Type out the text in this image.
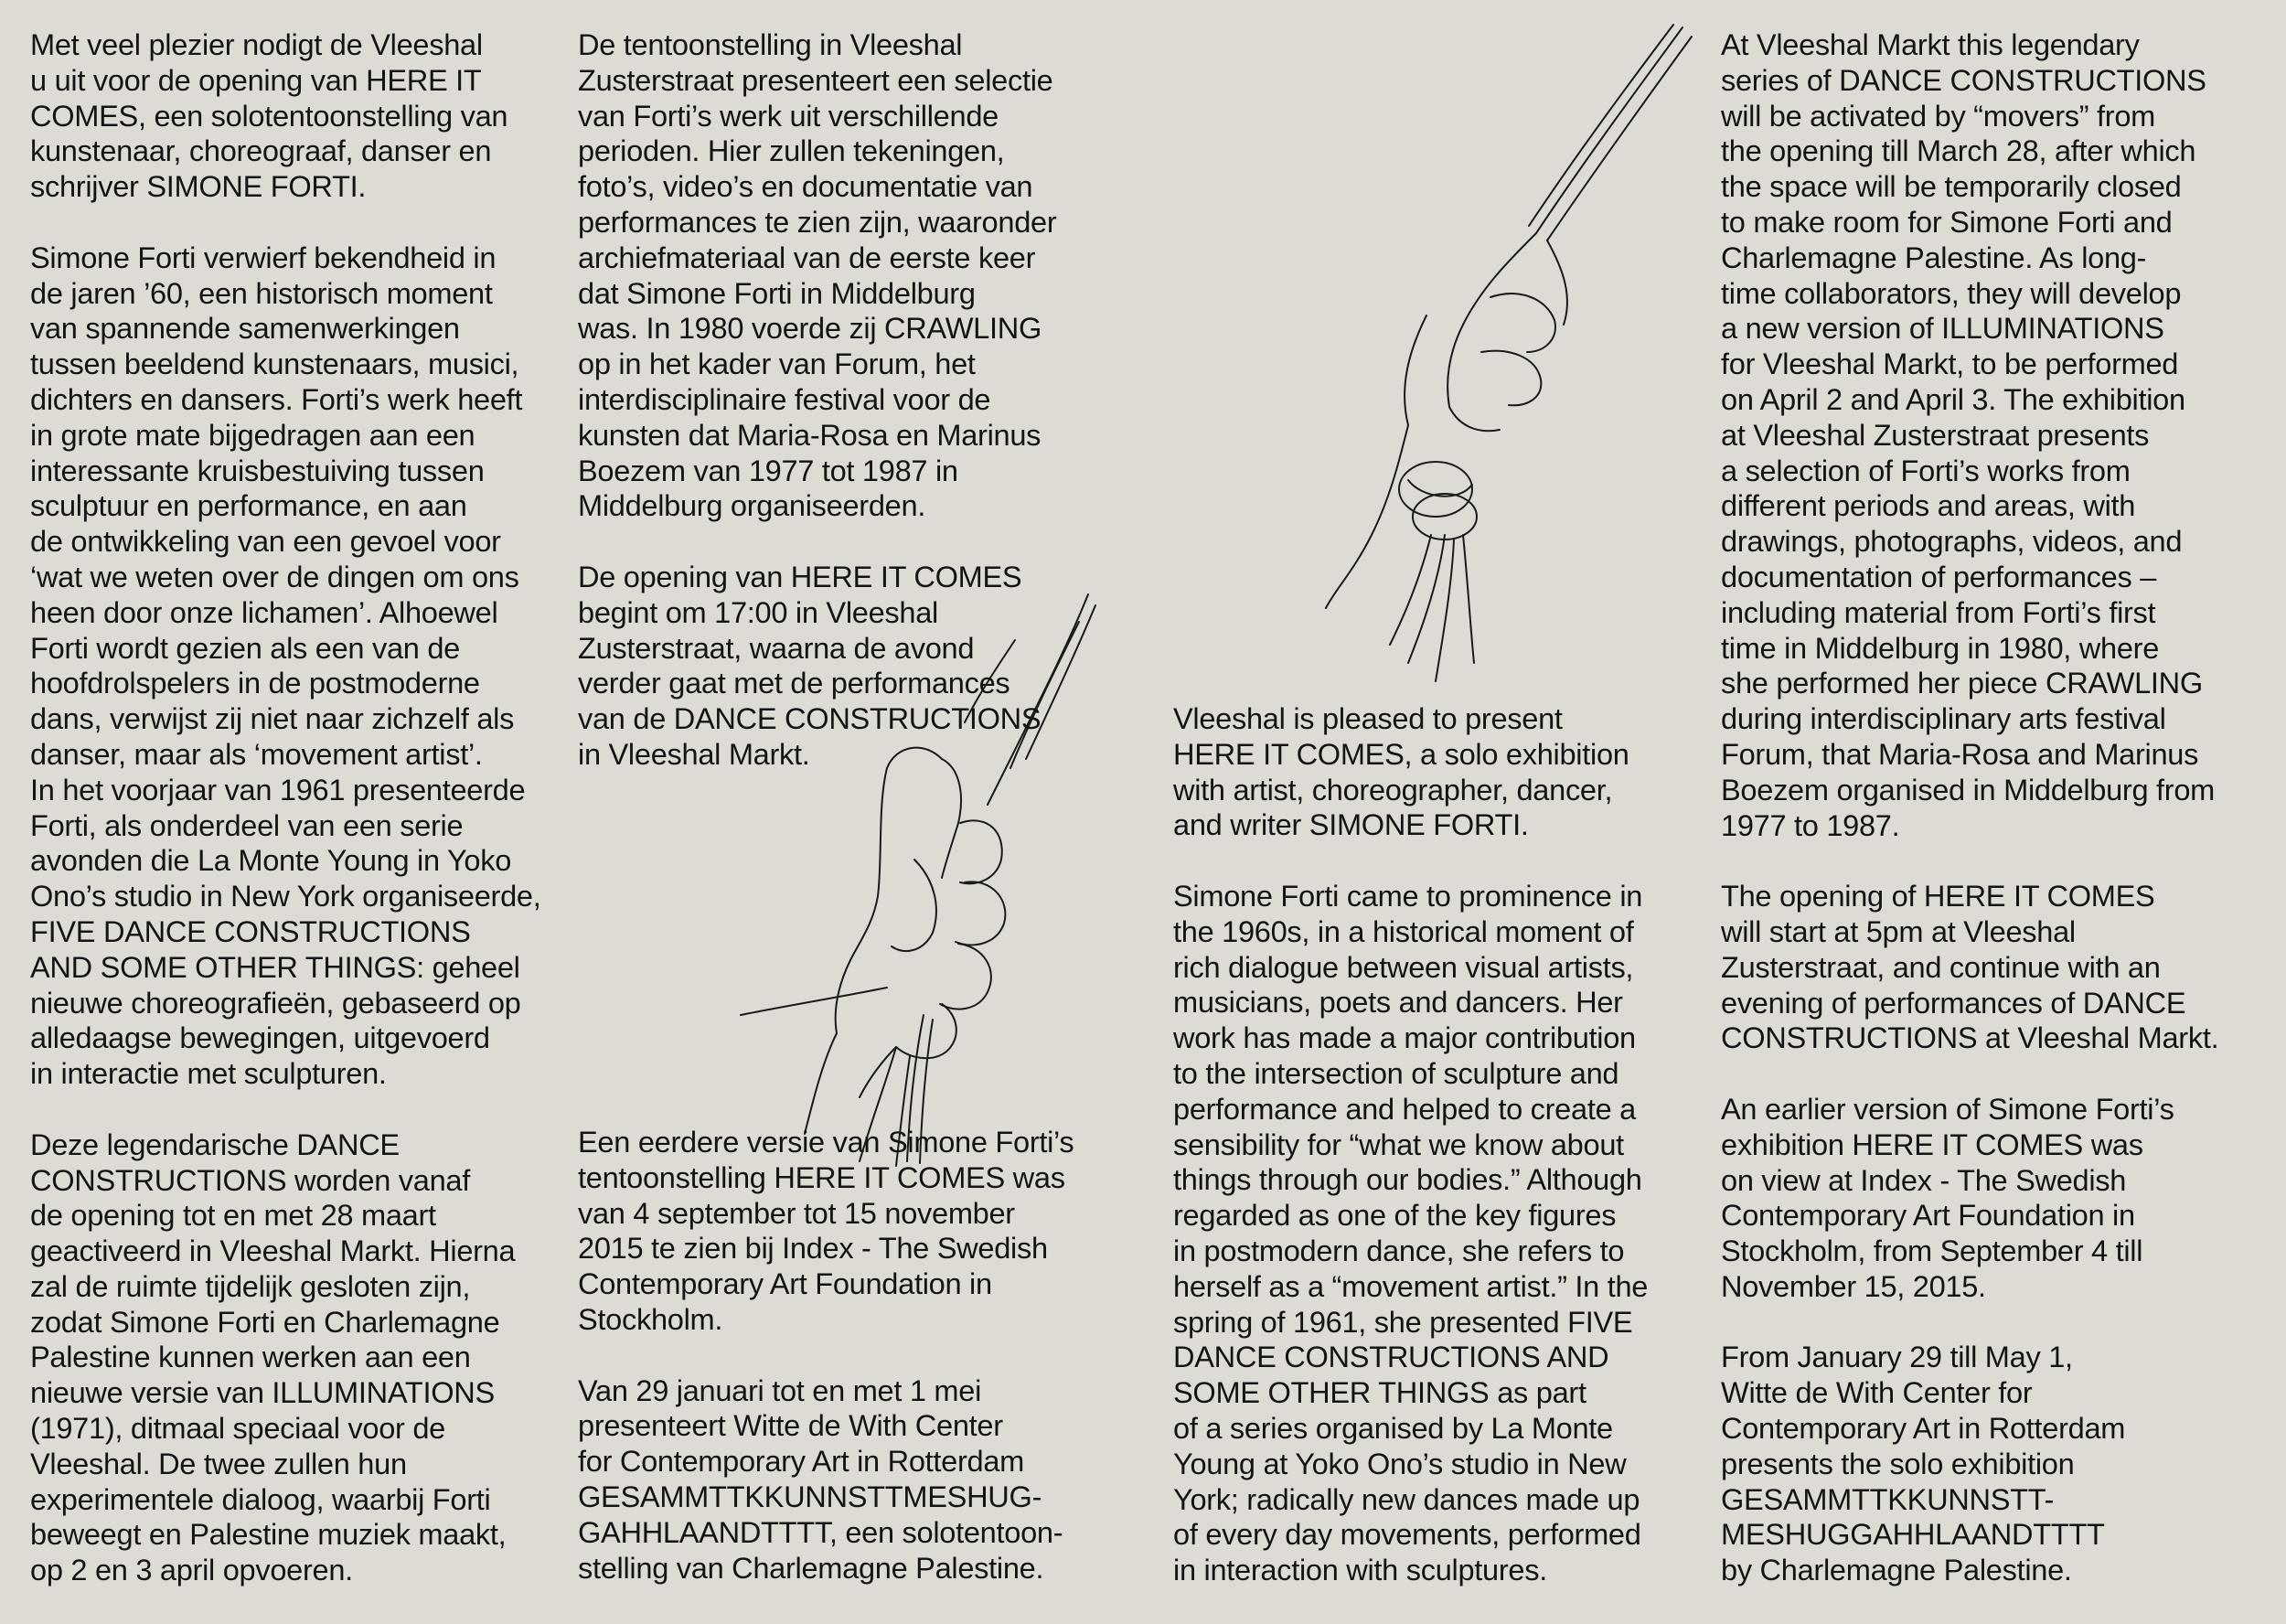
Met veel plezier nodigt de Vleeshal
u uit voor de opening van HERE IT
COMES, een solotentoonstelling van
kunstenaar, choreograaf, danser en
schrijver SIMONE FORTI.

Simone Forti verwierf bekendheid in
de jaren ’60, een historisch moment
van spannende samenwerkingen
tussen beeldend kunstenaars, musici,
dichters en dansers. Forti’s werk heeft
in grote mate bijgedragen aan een
interessante kruisbestuiving tussen
sculptuur en performance, en aan
de ontwikkeling van een gevoel voor
‘wat we weten over de dingen om ons
heen door onze lichamen’. Alhoewel
Forti wordt gezien als een van de
hoofdrolspelers in de postmoderne
dans, verwijst zij niet naar zichzelf als
danser, maar als ‘movement artist’.
In het voorjaar van 1961 presenteerde
Forti, als onderdeel van een serie
avonden die La Monte Young in Yoko
Ono’s studio in New York organiseerde,
FIVE DANCE CONSTRUCTIONS
AND SOME OTHER THINGS: geheel
nieuwe choreografieën, gebaseerd op
alledaagse bewegingen, uitgevoerd
in interactie met sculpturen.

Deze legendarische DANCE
CONSTRUCTIONS worden vanaf
de opening tot en met 28 maart
geactiveerd in Vleeshal Markt. Hierna
zal de ruimte tijdelijk gesloten zijn,
zodat Simone Forti en Charlemagne
Palestine kunnen werken aan een
nieuwe versie van ILLUMINATIONS
(1971), ditmaal speciaal voor de
Vleeshal. De twee zullen hun
experimentele dialoog, waarbij Forti
beweegt en Palestine muziek maakt,
op 2 en 3 april opvoeren.

De tentoonstelling in Vleeshal
Zusterstraat presenteert een selectie
van Forti’s werk uit verschillende
perioden. Hier zullen tekeningen,
foto’s, video’s en documentatie van
performances te zien zijn, waaronder
archiefmateriaal van de eerste keer
dat Simone Forti in Middelburg
was. In 1980 voerde zij CRAWLING
op in het kader van Forum, het
interdisciplinaire festival voor de
kunsten dat Maria-Rosa en Marinus
Boezem van 1977 tot 1987 in
Middelburg organiseerden.

De opening van HERE IT COMES
begint om 17:00 in Vleeshal
Zusterstraat, waarna de avond
verder gaat met de performances
van de DANCE CONSTRUCTIONS
in Vleeshal Markt.

Een eerdere versie van Simone Forti’s
tentoonstelling HERE IT COMES was
van 4 september tot 15 november
2015 te zien bij Index - The Swedish
Contemporary Art Foundation in
Stockholm.

Van 29 januari tot en met 1 mei
presenteert Witte de With Center
for Contemporary Art in Rotterdam
GESAMMTTKKUNNSTTMESHUG-
GAHHLAANDTTTT, een solotentoon-
stelling van Charlemagne Palestine.

Vleeshal is pleased to present
HERE IT COMES, a solo exhibition
with artist, choreographer, dancer,
and writer SIMONE FORTI.

Simone Forti came to prominence in
the 1960s, in a historical moment of
rich dialogue between visual artists,
musicians, poets and dancers. Her
work has made a major contribution
to the intersection of sculpture and
performance and helped to create a
sensibility for “what we know about
things through our bodies.” Although
regarded as one of the key figures
in postmodern dance, she refers to
herself as a “movement artist.” In the
spring of 1961, she presented FIVE
DANCE CONSTRUCTIONS AND
SOME OTHER THINGS as part
of a series organised by La Monte
Young at Yoko Ono’s studio in New
York; radically new dances made up
of every day movements, performed
in interaction with sculptures.

At Vleeshal Markt this legendary
series of DANCE CONSTRUCTIONS
will be activated by “movers” from
the opening till March 28, after which
the space will be temporarily closed
to make room for Simone Forti and
Charlemagne Palestine. As long-
time collaborators, they will develop
a new version of ILLUMINATIONS
for Vleeshal Markt, to be performed
on April 2 and April 3. The exhibition
at Vleeshal Zusterstraat presents
a selection of Forti’s works from
different periods and areas, with
drawings, photographs, videos, and
documentation of performances –
including material from Forti’s first
time in Middelburg in 1980, where
she performed her piece CRAWLING
during interdisciplinary arts festival
Forum, that Maria-Rosa and Marinus
Boezem organised in Middelburg from
1977 to 1987.

The opening of HERE IT COMES
will start at 5pm at Vleeshal
Zusterstraat, and continue with an
evening of performances of DANCE
CONSTRUCTIONS at Vleeshal Markt.

An earlier version of Simone Forti’s
exhibition HERE IT COMES was
on view at Index - The Swedish
Contemporary Art Foundation in
Stockholm, from September 4 till
November 15, 2015.

From January 29 till May 1,
Witte de With Center for
Contemporary Art in Rotterdam
presents the solo exhibition
GESAMMTTKKUNNSTT-
MESHUGGAHHLAANDTTTT
by Charlemagne Palestine.
